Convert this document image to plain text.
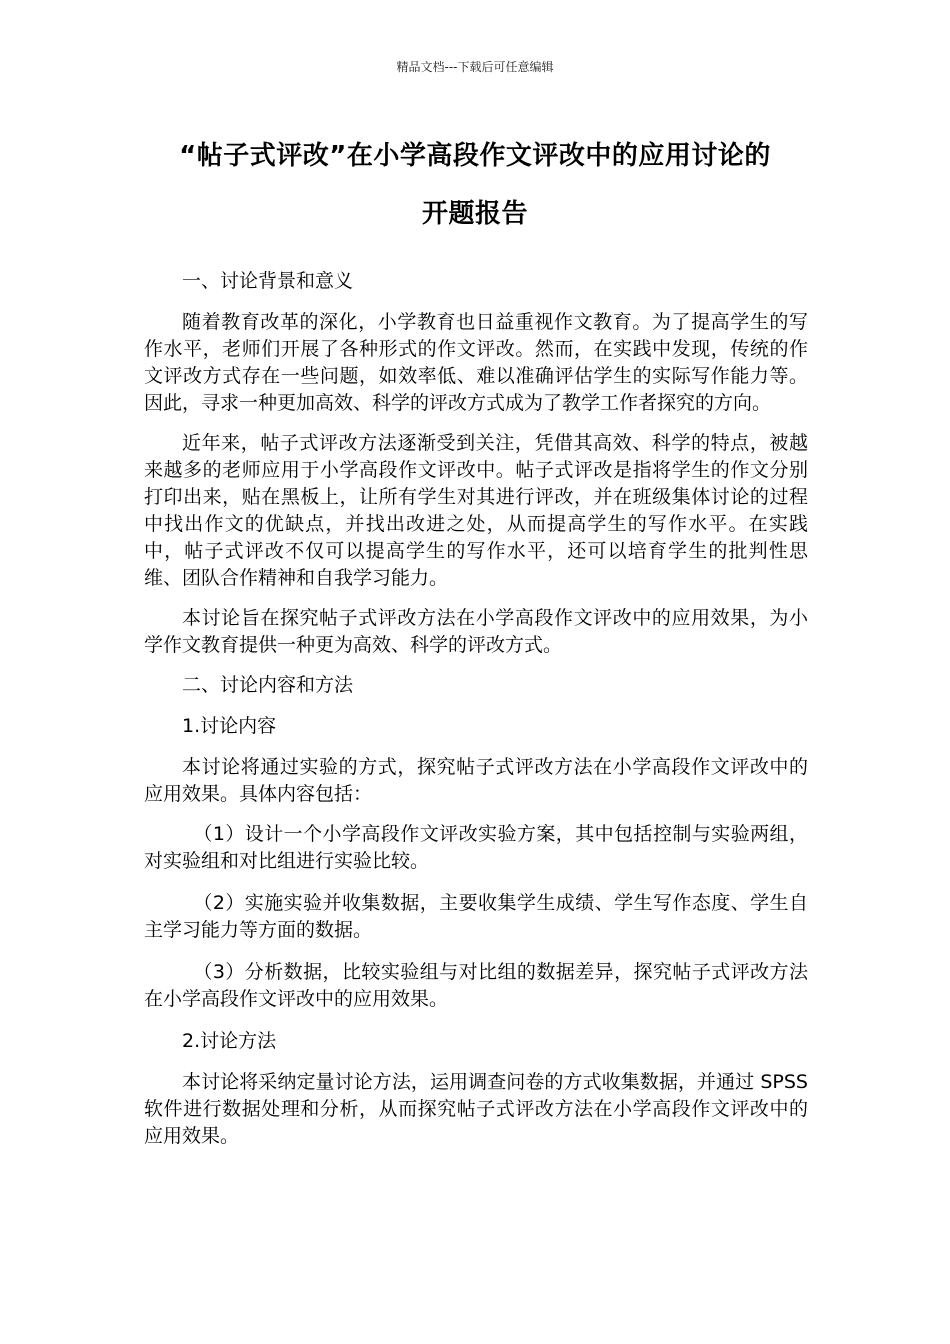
精品文档---下载后可任意编辑
“帖子式评改”在小学高段作文评改中的应用讨论的
开题报告

一、讨论背景和意义

随着教育改革的深化，小学教育也日益重视作文教育。为了提高学生的写作水平，老师们开展了各种形式的作文评改。然而，在实践中发现，传统的作文评改方式存在一些问题，如效率低、难以准确评估学生的实际写作能力等。因此，寻求一种更加高效、科学的评改方式成为了教学工作者探究的方向。

近年来，帖子式评改方法逐渐受到关注，凭借其高效、科学的特点，被越来越多的老师应用于小学高段作文评改中。帖子式评改是指将学生的作文分别打印出来，贴在黑板上，让所有学生对其进行评改，并在班级集体讨论的过程中找出作文的优缺点，并找出改进之处，从而提高学生的写作水平。在实践中，帖子式评改不仅可以提高学生的写作水平，还可以培育学生的批判性思维、团队合作精神和自我学习能力。

本讨论旨在探究帖子式评改方法在小学高段作文评改中的应用效果，为小学作文教育提供一种更为高效、科学的评改方式。

二、讨论内容和方法

1.讨论内容

本讨论将通过实验的方式，探究帖子式评改方法在小学高段作文评改中的应用效果。具体内容包括：

（1）设计一个小学高段作文评改实验方案，其中包括控制与实验两组，对实验组和对比组进行实验比较。

（2）实施实验并收集数据，主要收集学生成绩、学生写作态度、学生自主学习能力等方面的数据。

（3）分析数据，比较实验组与对比组的数据差异，探究帖子式评改方法在小学高段作文评改中的应用效果。

2.讨论方法

本讨论将采纳定量讨论方法，运用调查问卷的方式收集数据，并通过 SPSS 软件进行数据处理和分析，从而探究帖子式评改方法在小学高段作文评改中的应用效果。
